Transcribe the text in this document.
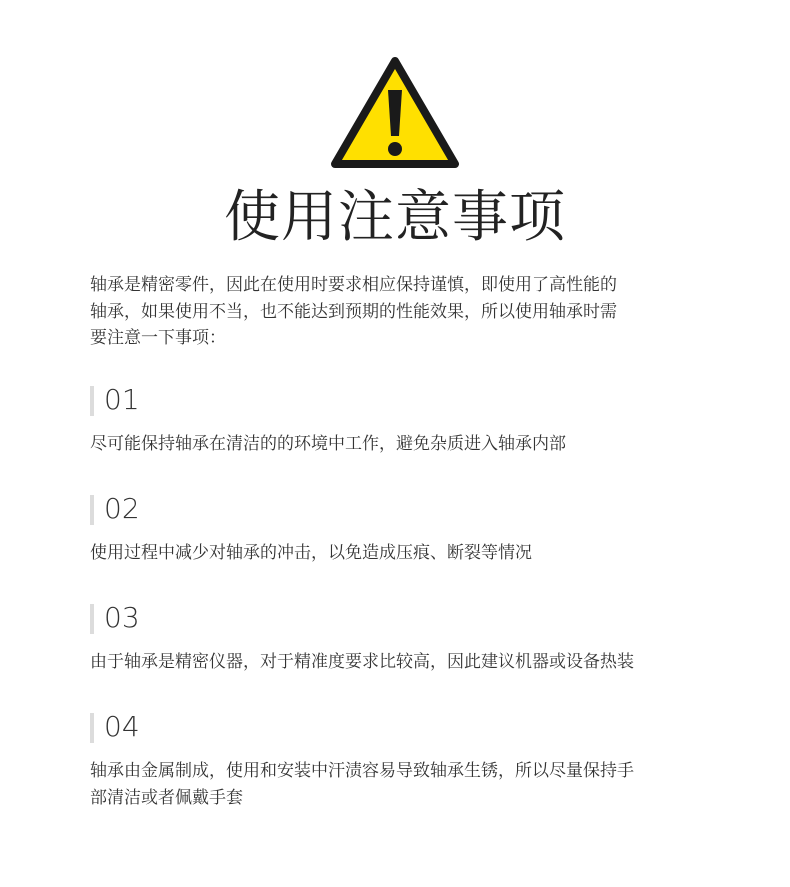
使用注意事项
轴承是精密零件，因此在使用时要求相应保持谨慎，即使用了高性能的
轴承，如果使用不当，也不能达到预期的性能效果，所以使用轴承时需
要注意一下事项：
01
尽可能保持轴承在清洁的的环境中工作，避免杂质进入轴承内部
02
使用过程中减少对轴承的冲击，以免造成压痕、断裂等情况
03
由于轴承是精密仪器，对于精准度要求比较高，因此建议机器或设备热装
04
轴承由金属制成，使用和安装中汗渍容易导致轴承生锈，所以尽量保持手
部清洁或者佩戴手套
